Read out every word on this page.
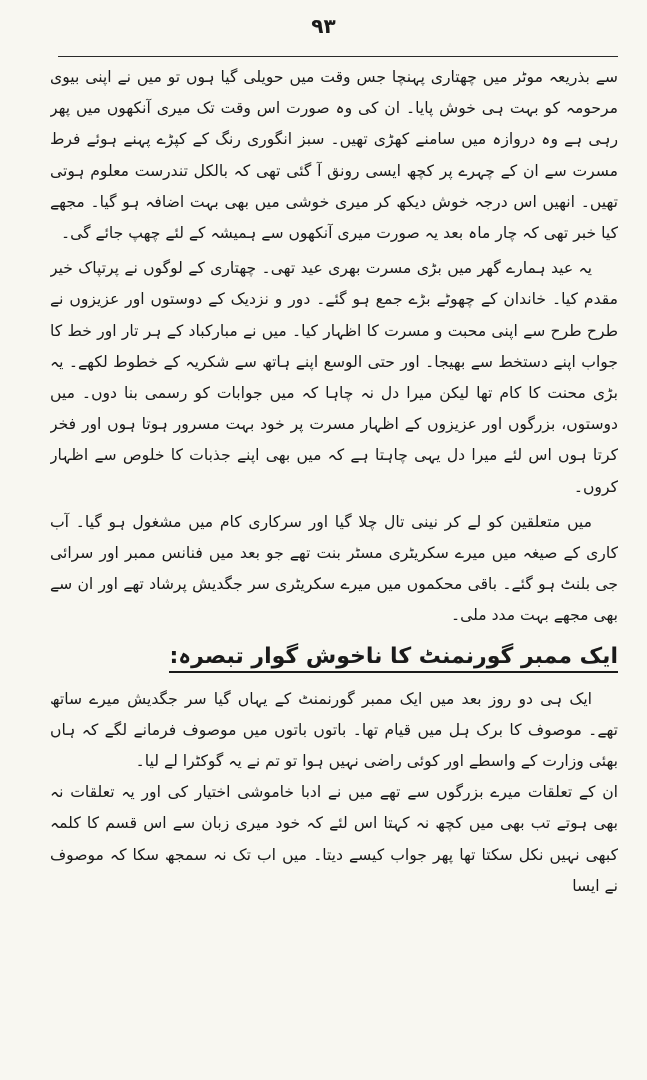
٩٣

سے بذریعہ موٹر میں چھتاری پہنچا جس وقت میں حویلی گیا ہوں تو میں نے اپنی بیوی مرحومہ کو بہت ہی خوش پایا۔ ان کی وہ صورت اس وقت تک میری آنکھوں میں پھر رہی ہے وہ دروازہ میں سامنے کھڑی تھیں۔ سبز انگوری رنگ کے کپڑے پہنے ہوئے فرط مسرت سے ان کے چہرے پر کچھ ایسی رونق آ گئی تھی کہ بالکل تندرست معلوم ہوتی تھیں۔ انھیں اس درجہ خوش دیکھ کر میری خوشی میں بھی بہت اضافہ ہو گیا۔ مجھے کیا خبر تھی کہ چار ماہ بعد یہ صورت میری آنکھوں سے ہمیشہ کے لئے چھپ جائے گی۔

یہ عید ہمارے گھر میں بڑی مسرت بھری عید تھی۔ چھتاری کے لوگوں نے پرتپاک خیر مقدم کیا۔ خاندان کے چھوٹے بڑے جمع ہو گئے۔ دور و نزدیک کے دوستوں اور عزیزوں نے طرح طرح سے اپنی محبت و مسرت کا اظہار کیا۔ میں نے مبارکباد کے ہر تار اور خط کا جواب اپنے دستخط سے بھیجا۔ اور حتی الوسع اپنے ہاتھ سے شکریہ کے خطوط لکھے۔ یہ بڑی محنت کا کام تھا لیکن میرا دل نہ چاہا کہ میں جوابات کو رسمی بنا دوں۔ میں دوستوں، بزرگوں اور عزیزوں کے اظہار مسرت پر خود بہت مسرور ہوتا ہوں اور فخر کرتا ہوں اس لئے میرا دل یہی چاہتا ہے کہ میں بھی اپنے جذبات کا خلوص سے اظہار کروں۔

میں متعلقین کو لے کر نینی تال چلا گیا اور سرکاری کام میں مشغول ہو گیا۔ آب کاری کے صیغہ میں میرے سکریٹری مسٹر بنت تھے جو بعد میں فنانس ممبر اور سرائی جی بلنٹ ہو گئے۔ باقی محکموں میں میرے سکریٹری سر جگدیش پرشاد تھے اور ان سے بھی مجھے بہت مدد ملی۔

ایک ممبر گورنمنٹ کا ناخوش گوار تبصرہ:

ایک ہی دو روز بعد میں ایک ممبر گورنمنٹ کے یہاں گیا سر جگدیش میرے ساتھ تھے۔ موصوف کا برک ہل میں قیام تھا۔ باتوں باتوں میں موصوف فرمانے لگے کہ ہاں بھئی وزارت کے واسطے اور کوئی راضی نہیں ہوا تو تم نے یہ گوکٹرا لے لیا۔

ان کے تعلقات میرے بزرگوں سے تھے میں نے ادبا خاموشی اختیار کی اور یہ تعلقات نہ بھی ہوتے تب بھی میں کچھ نہ کہتا اس لئے کہ خود میری زبان سے اس قسم کا کلمہ کبھی نہیں نکل سکتا تھا پھر جواب کیسے دیتا۔ میں اب تک نہ سمجھ سکا کہ موصوف نے ایسا
